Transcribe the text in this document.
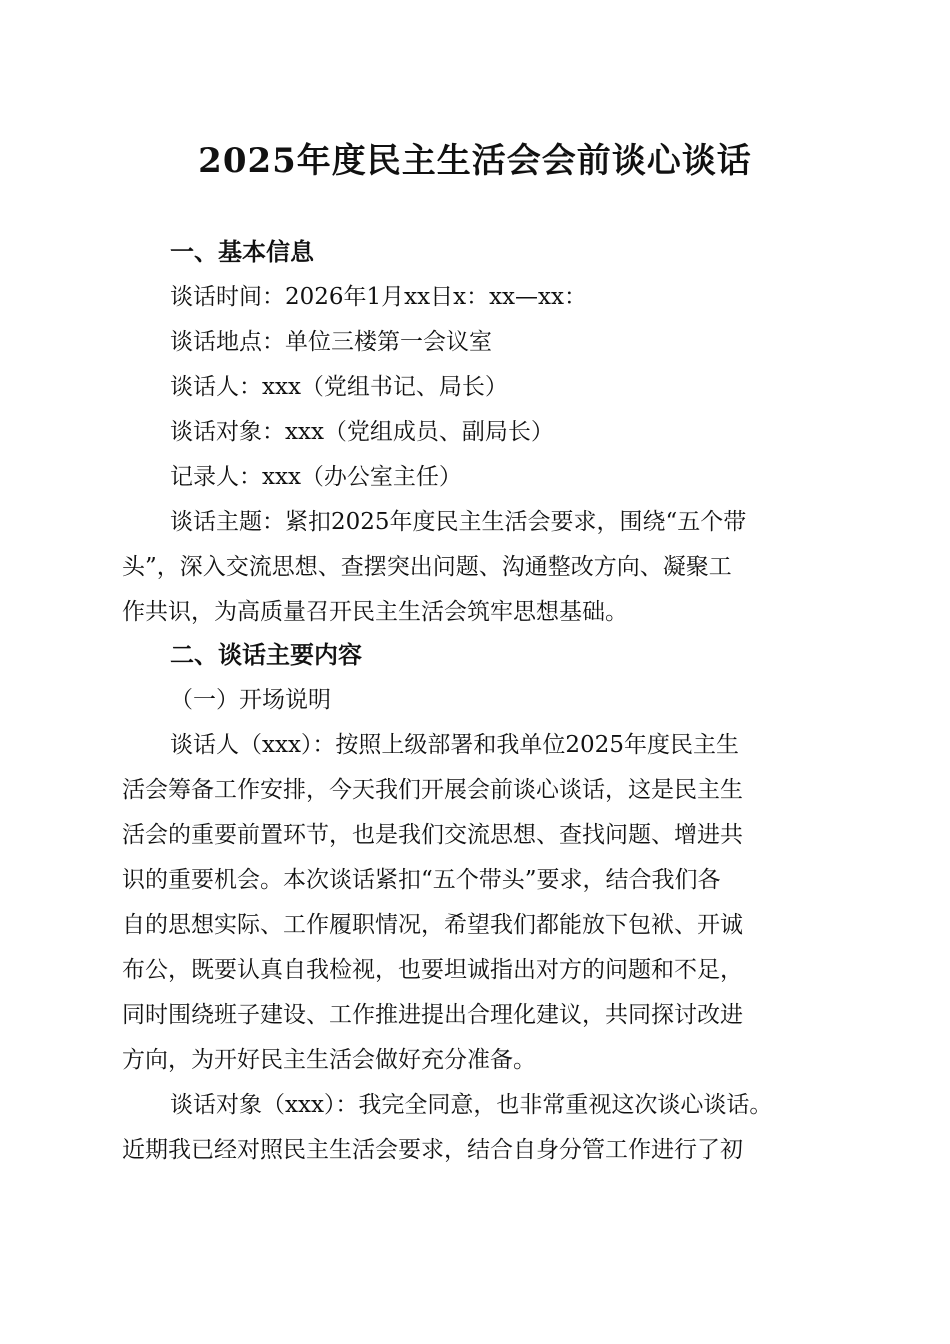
2025年度民主生活会会前谈心谈话
一、基本信息
谈话时间：2026年1月xx日x：xx—xx：
谈话地点：单位三楼第一会议室
谈话人：xxx（党组书记、局长）
谈话对象：xxx（党组成员、副局长）
记录人：xxx（办公室主任）
谈话主题：紧扣2025年度民主生活会要求，围绕“五个带
头”，深入交流思想、查摆突出问题、沟通整改方向、凝聚工
作共识，为高质量召开民主生活会筑牢思想基础。
二、谈话主要内容
（一）开场说明
谈话人（xxx）：按照上级部署和我单位2025年度民主生
活会筹备工作安排，今天我们开展会前谈心谈话，这是民主生
活会的重要前置环节，也是我们交流思想、查找问题、增进共
识的重要机会。本次谈话紧扣“五个带头”要求，结合我们各
自的思想实际、工作履职情况，希望我们都能放下包袱、开诚
布公，既要认真自我检视，也要坦诚指出对方的问题和不足，
同时围绕班子建设、工作推进提出合理化建议，共同探讨改进
方向，为开好民主生活会做好充分准备。
谈话对象（xxx）：我完全同意，也非常重视这次谈心谈话。
近期我已经对照民主生活会要求，结合自身分管工作进行了初
